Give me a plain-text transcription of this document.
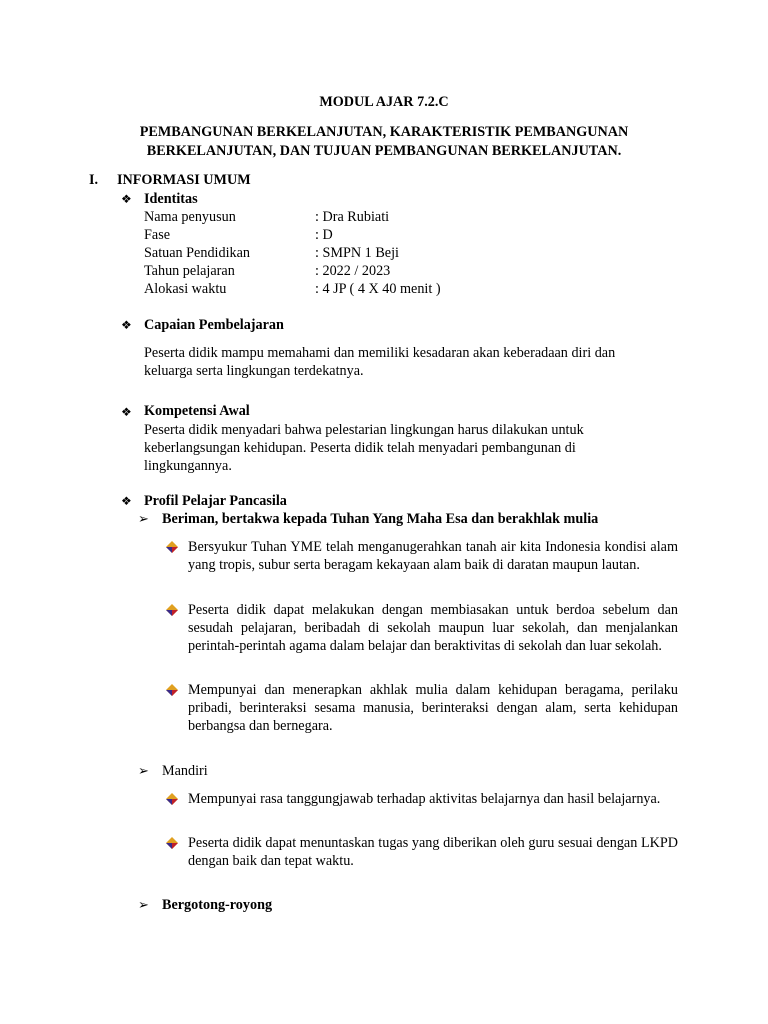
MODUL AJAR 7.2.C
PEMBANGUNAN BERKELANJUTAN, KARAKTERISTIK PEMBANGUNAN
BERKELANJUTAN, DAN TUJUAN PEMBANGUNAN BERKELANJUTAN.
I. INFORMASI UMUM
❖ Identitas
Nama penyusun	: Dra Rubiati
Fase	: D
Satuan Pendidikan	: SMPN 1 Beji
Tahun pelajaran	: 2022 / 2023
Alokasi waktu	: 4 JP ( 4 X 40 menit )
❖ Capaian Pembelajaran
Peserta didik mampu memahami dan memiliki kesadaran akan keberadaan diri dan keluarga serta lingkungan terdekatnya.
❖ Kompetensi Awal
Peserta didik menyadari bahwa pelestarian lingkungan harus dilakukan untuk keberlangsungan kehidupan. Peserta didik telah menyadari pembangunan di lingkungannya.
❖ Profil Pelajar Pancasila
➢ Beriman, bertakwa kepada Tuhan Yang Maha Esa dan berakhlak mulia
Bersyukur Tuhan YME telah menganugerahkan tanah air kita Indonesia kondisi alam yang tropis, subur serta beragam kekayaan alam baik di daratan maupun lautan.
Peserta didik dapat melakukan dengan membiasakan untuk berdoa sebelum dan sesudah pelajaran, beribadah di sekolah maupun luar sekolah, dan menjalankan perintah-perintah agama dalam belajar dan beraktivitas di sekolah dan luar sekolah.
Mempunyai dan menerapkan akhlak mulia dalam kehidupan beragama, perilaku pribadi, berinteraksi sesama manusia, berinteraksi dengan alam, serta kehidupan berbangsa dan bernegara.
➢ Mandiri
Mempunyai rasa tanggungjawab terhadap aktivitas belajarnya dan hasil belajarnya.
Peserta didik dapat menuntaskan tugas yang diberikan oleh guru sesuai dengan LKPD dengan baik dan tepat waktu.
➢ Bergotong-royong
